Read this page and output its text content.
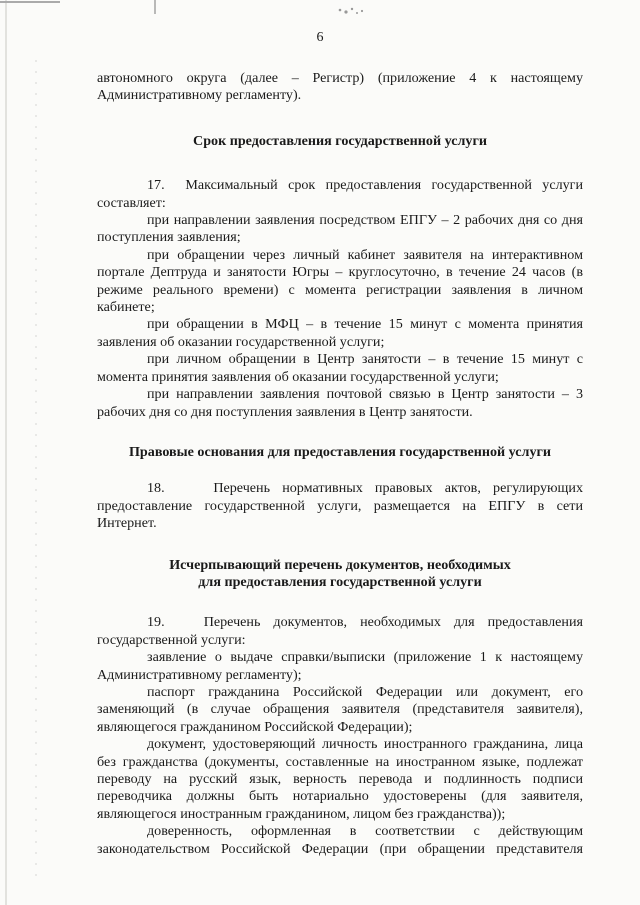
6

автономного округа (далее – Регистр) (приложение 4 к настоящему Административному регламенту).

Срок предоставления государственной услуги

17.  Максимальный срок предоставления государственной услуги составляет:

при направлении заявления посредством ЕПГУ – 2 рабочих дня со дня поступления заявления;

при обращении через личный кабинет заявителя на интерактивном портале Дептруда и занятости Югры – круглосуточно, в течение 24 часов (в режиме реального времени) с момента регистрации заявления в личном кабинете;

при обращении в МФЦ – в течение 15 минут с момента принятия заявления об оказании государственной услуги;

при личном обращении в Центр занятости – в течение 15 минут с момента принятия заявления об оказании государственной услуги;

при направлении заявления почтовой связью в Центр занятости – 3 рабочих дня со дня поступления заявления в Центр занятости.

Правовые основания для предоставления государственной услуги

18.    Перечень нормативных правовых актов, регулирующих предоставление государственной услуги, размещается на ЕПГУ в сети Интернет.

Исчерпывающий перечень документов, необходимых
для предоставления государственной услуги

19.   Перечень документов, необходимых для предоставления государственной услуги:

заявление о выдаче справки/выписки (приложение 1 к настоящему Административному регламенту);

паспорт гражданина Российской Федерации или документ, его заменяющий (в случае обращения заявителя (представителя заявителя), являющегося гражданином Российской Федерации);

документ, удостоверяющий личность иностранного гражданина, лица без гражданства (документы, составленные на иностранном языке, подлежат переводу на русский язык, верность перевода и подлинность подписи переводчика должны быть нотариально удостоверены (для заявителя, являющегося иностранным гражданином, лицом без гражданства));

доверенность, оформленная в соответствии с действующим законодательством Российской Федерации (при обращении представителя
